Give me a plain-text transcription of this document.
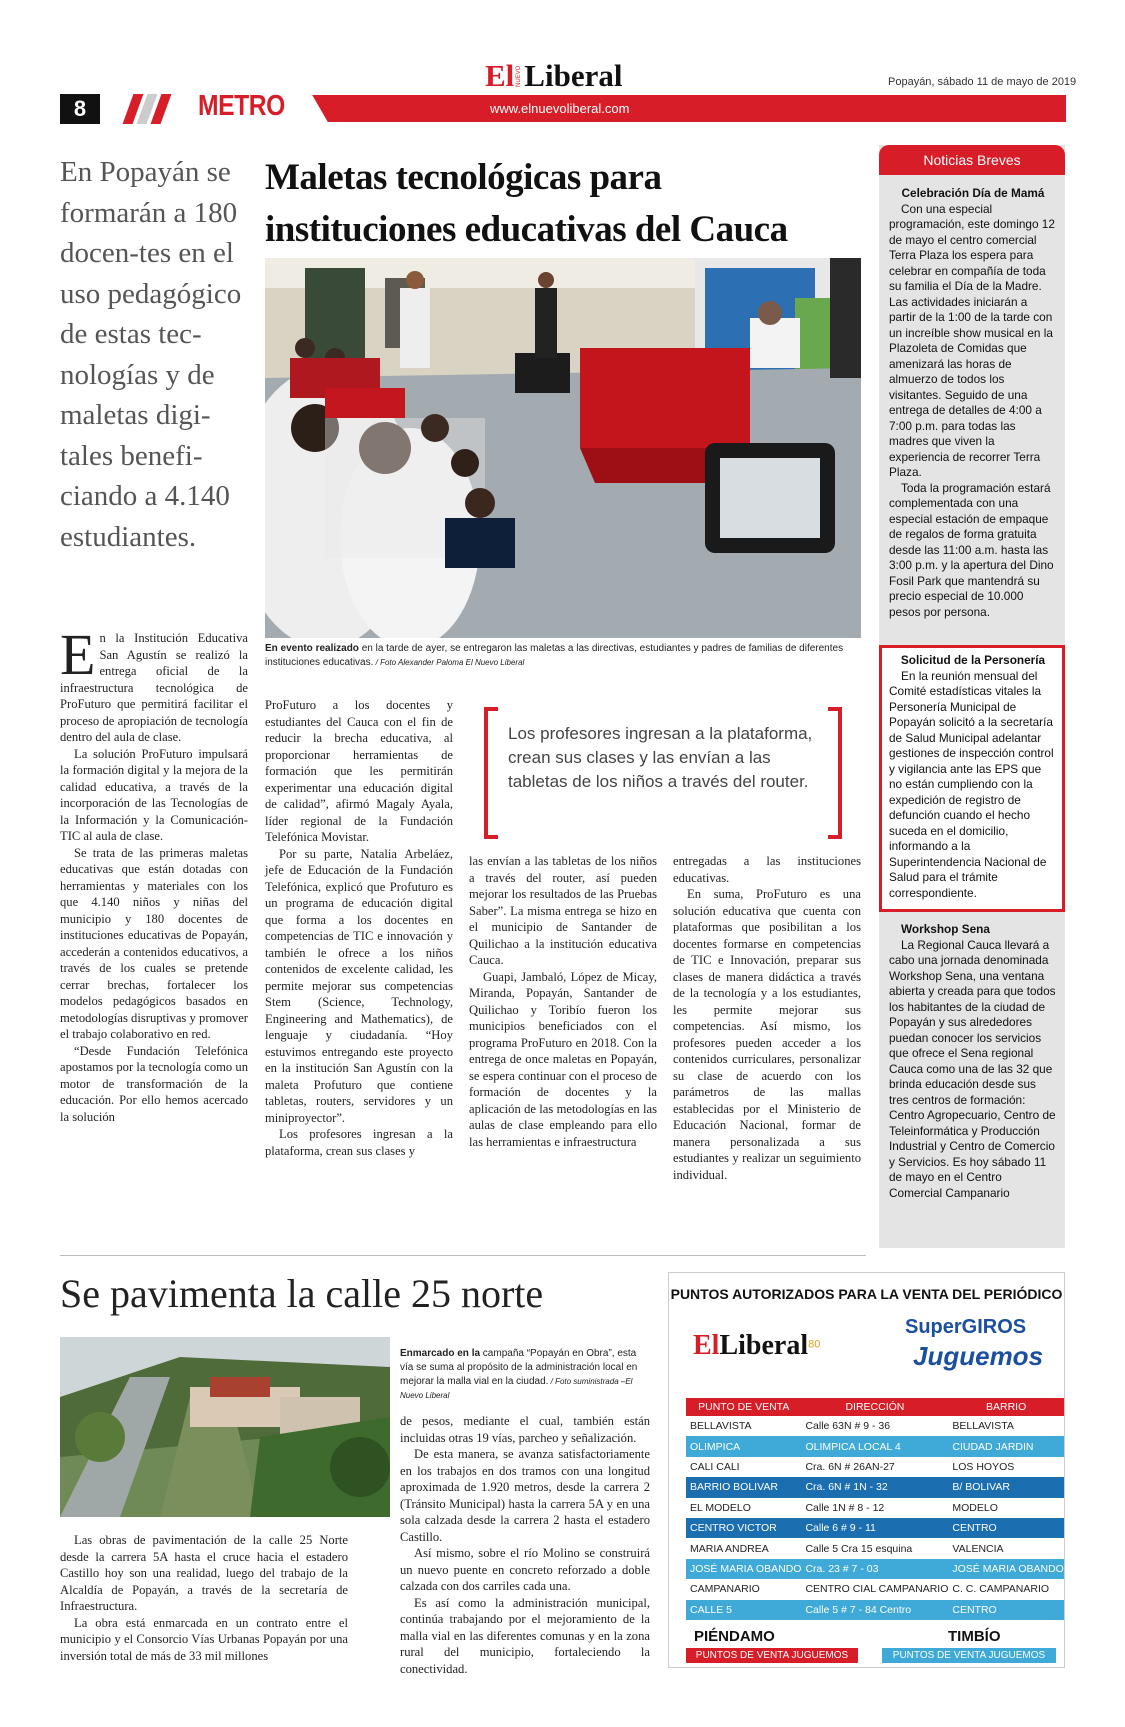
El NUEVOLiberal	Popayán, sábado 11 de mayo de 2019
8	METRO	www.elnuevoliberal.com
En Popayán se formarán a 180 docen-tes en el uso pedagógico de estas tec-nologías y de maletas digi-tales benefi-ciando a 4.140 estudiantes.
Maletas tecnológicas para
instituciones educativas del Cauca
En evento realizado en la tarde de ayer, se entregaron las maletas a las directivas, estudiantes y padres de familias de diferentes instituciones educativas. / Foto Alexander Paloma El Nuevo Liberal

En la Institución Educativa San Agustín se realizó la entrega oficial de la infraestructura tecnológica de ProFuturo que permitirá facilitar el proceso de apropiación de tecnología dentro del aula de clase.

La solución ProFuturo impulsará la formación digital y la mejora de la calidad educativa, a través de la incorporación de las Tecnologías de la Información y la Comunicación-TIC al aula de clase.

Se trata de las primeras maletas educativas que están dotadas con herramientas y materiales con los que 4.140 niños y niñas del municipio y 180 docentes de instituciones educativas de Popayán, accederán a contenidos educativos, a través de los cuales se pretende cerrar brechas, fortalecer los modelos pedagógicos basados en metodologías disruptivas y promover el trabajo colaborativo en red.

“Desde Fundación Telefónica apostamos por la tecnología como un motor de transformación de la educación. Por ello hemos acercado la solución

ProFuturo a los docentes y estudiantes del Cauca con el fin de reducir la brecha educativa, al proporcionar herramientas de formación que les permitirán experimentar una educación digital de calidad”, afirmó Magaly Ayala, líder regional de la Fundación Telefónica Movistar.

Por su parte, Natalia Arbeláez, jefe de Educación de la Fundación Telefónica, explicó que Profuturo es un programa de educación digital que forma a los docentes en competencias de TIC e innovación y también le ofrece a los niños contenidos de excelente calidad, les permite mejorar sus competencias Stem (Science, Technology, Engineering and Mathematics), de lenguaje y ciudadanía. “Hoy estuvimos entregando este proyecto en la institución San Agustín con la maleta Profuturo que contiene tabletas, routers, servidores y un miniproyector”.

Los profesores ingresan a la plataforma, crean sus clases y

Los profesores ingresan a la plataforma, crean sus clases y las envían a las tabletas de los niños a través del router.

las envían a las tabletas de los niños a través del router, así pueden mejorar los resultados de las Pruebas Saber”. La misma entrega se hizo en el municipio de Santander de Quilichao a la institución educativa Cauca.

Guapi, Jambaló, López de Micay, Miranda, Popayán, Santander de Quilichao y Toribío fueron los municipios beneficiados con el programa ProFuturo en 2018. Con la entrega de once maletas en Popayán, se espera continuar con el proceso de formación de docentes y la aplicación de las metodologías en las aulas de clase empleando para ello las herramientas e infraestructura

entregadas a las instituciones educativas.

En suma, ProFuturo es una solución educativa que cuenta con plataformas que posibilitan a los docentes formarse en competencias de TIC e Innovación, preparar sus clases de manera didáctica a través de la tecnología y a los estudiantes, les permite mejorar sus competencias. Así mismo, los profesores pueden acceder a los contenidos curriculares, personalizar su clase de acuerdo con los parámetros de las mallas establecidas por el Ministerio de Educación Nacional, formar de manera personalizada a sus estudiantes y realizar un seguimiento individual.

Noticias Breves
Celebración Día de Mamá

Con una especial programación, este domingo 12 de mayo el centro comercial Terra Plaza los espera para celebrar en compañía de toda su familia el Día de la Madre. Las actividades iniciarán a partir de la 1:00 de la tarde con un increíble show musical en la Plazoleta de Comidas que amenizará las horas de almuerzo de todos los visitantes. Seguido de una entrega de detalles de 4:00 a 7:00 p.m. para todas las madres que viven la experiencia de recorrer Terra Plaza.

Toda la programación estará complementada con una especial estación de empaque de regalos de forma gratuita desde las 11:00 a.m. hasta las 3:00 p.m. y la apertura del Dino Fosil Park que mantendrá su precio especial de 10.000 pesos por persona.

Solicitud de la Personería

En la reunión mensual del Comité estadísticas vitales la Personería Municipal de Popayán solicitó a la secretaría de Salud Municipal adelantar gestiones de inspección control y vigilancia ante las EPS que no están cumpliendo con la expedición de registro de defunción cuando el hecho suceda en el domicilio, informando a la Superintendencia Nacional de Salud para el trámite correspondiente.

Workshop Sena

La Regional Cauca llevará a cabo una jornada denominada Workshop Sena, una ventana abierta y creada para que todos los habitantes de la ciudad de Popayán y sus alrededores puedan conocer los servicios que ofrece el Sena regional Cauca como una de las 32 que brinda educación desde sus tres centros de formación: Centro Agropecuario, Centro de Teleinformática y Producción Industrial y Centro de Comercio y Servicios. Es hoy sábado 11 de mayo en el Centro Comercial Campanario

Se pavimenta la calle 25 norte
Enmarcado en la campaña “Popayán en Obra”, esta vía se suma al propósito de la administración local en mejorar la malla vial en la ciudad. / Foto suministrada –El Nuevo Liberal

Las obras de pavimentación de la calle 25 Norte desde la carrera 5A hasta el cruce hacia el estadero Castillo hoy son una realidad, luego del trabajo de la Alcaldía de Popayán, a través de la secretaría de Infraestructura.

La obra está enmarcada en un contrato entre el municipio y el Consorcio Vías Urbanas Popayán por una inversión total de más de 33 mil millones

de pesos, mediante el cual, también están incluidas otras 19 vías, parcheo y señalización.

De esta manera, se avanza satisfactoriamente en los trabajos en dos tramos con una longitud aproximada de 1.920 metros, desde la carrera 2 (Tránsito Municipal) hasta la carrera 5A y en una sola calzada desde la carrera 2 hasta el estadero Castillo.

Así mismo, sobre el río Molino se construirá un nuevo puente en concreto reforzado a doble calzada con dos carriles cada una.

Es así como la administración municipal, continúa trabajando por el mejoramiento de la malla vial en las diferentes comunas y en la zona rural del municipio, fortaleciendo la conectividad.

PUNTOS AUTORIZADOS PARA LA VENTA DEL PERIÓDICO
ElLiberal$^{80}$
SuperGIROS
Juguemos
PUNTO DE VENTA	DIRECCIÓN	BARRIO
BELLAVISTA	Calle 63N # 9 - 36	BELLAVISTA
OLIMPICA	OLIMPICA LOCAL 4	CIUDAD JARDIN
CALI CALI	Cra. 6N # 26AN-27	LOS HOYOS
BARRIO BOLIVAR	Cra. 6N # 1N - 32	B/ BOLIVAR
EL MODELO	Calle 1N # 8 - 12	MODELO
CENTRO VICTOR	Calle 6 # 9 - 11	CENTRO
MARIA ANDREA	Calle 5 Cra 15 esquina	VALENCIA
JOSÉ MARIA OBANDO	Cra. 23 # 7 - 03	JOSÉ MARIA OBANDO
CAMPANARIO	CENTRO CIAL CAMPANARIO	C. C. CAMPANARIO
CALLE 5	Calle 5 # 7 - 84 Centro	CENTRO
PIÉNDAMO
PUNTOS DE VENTA JUGUEMOS
TIMBÍO
PUNTOS DE VENTA JUGUEMOS
